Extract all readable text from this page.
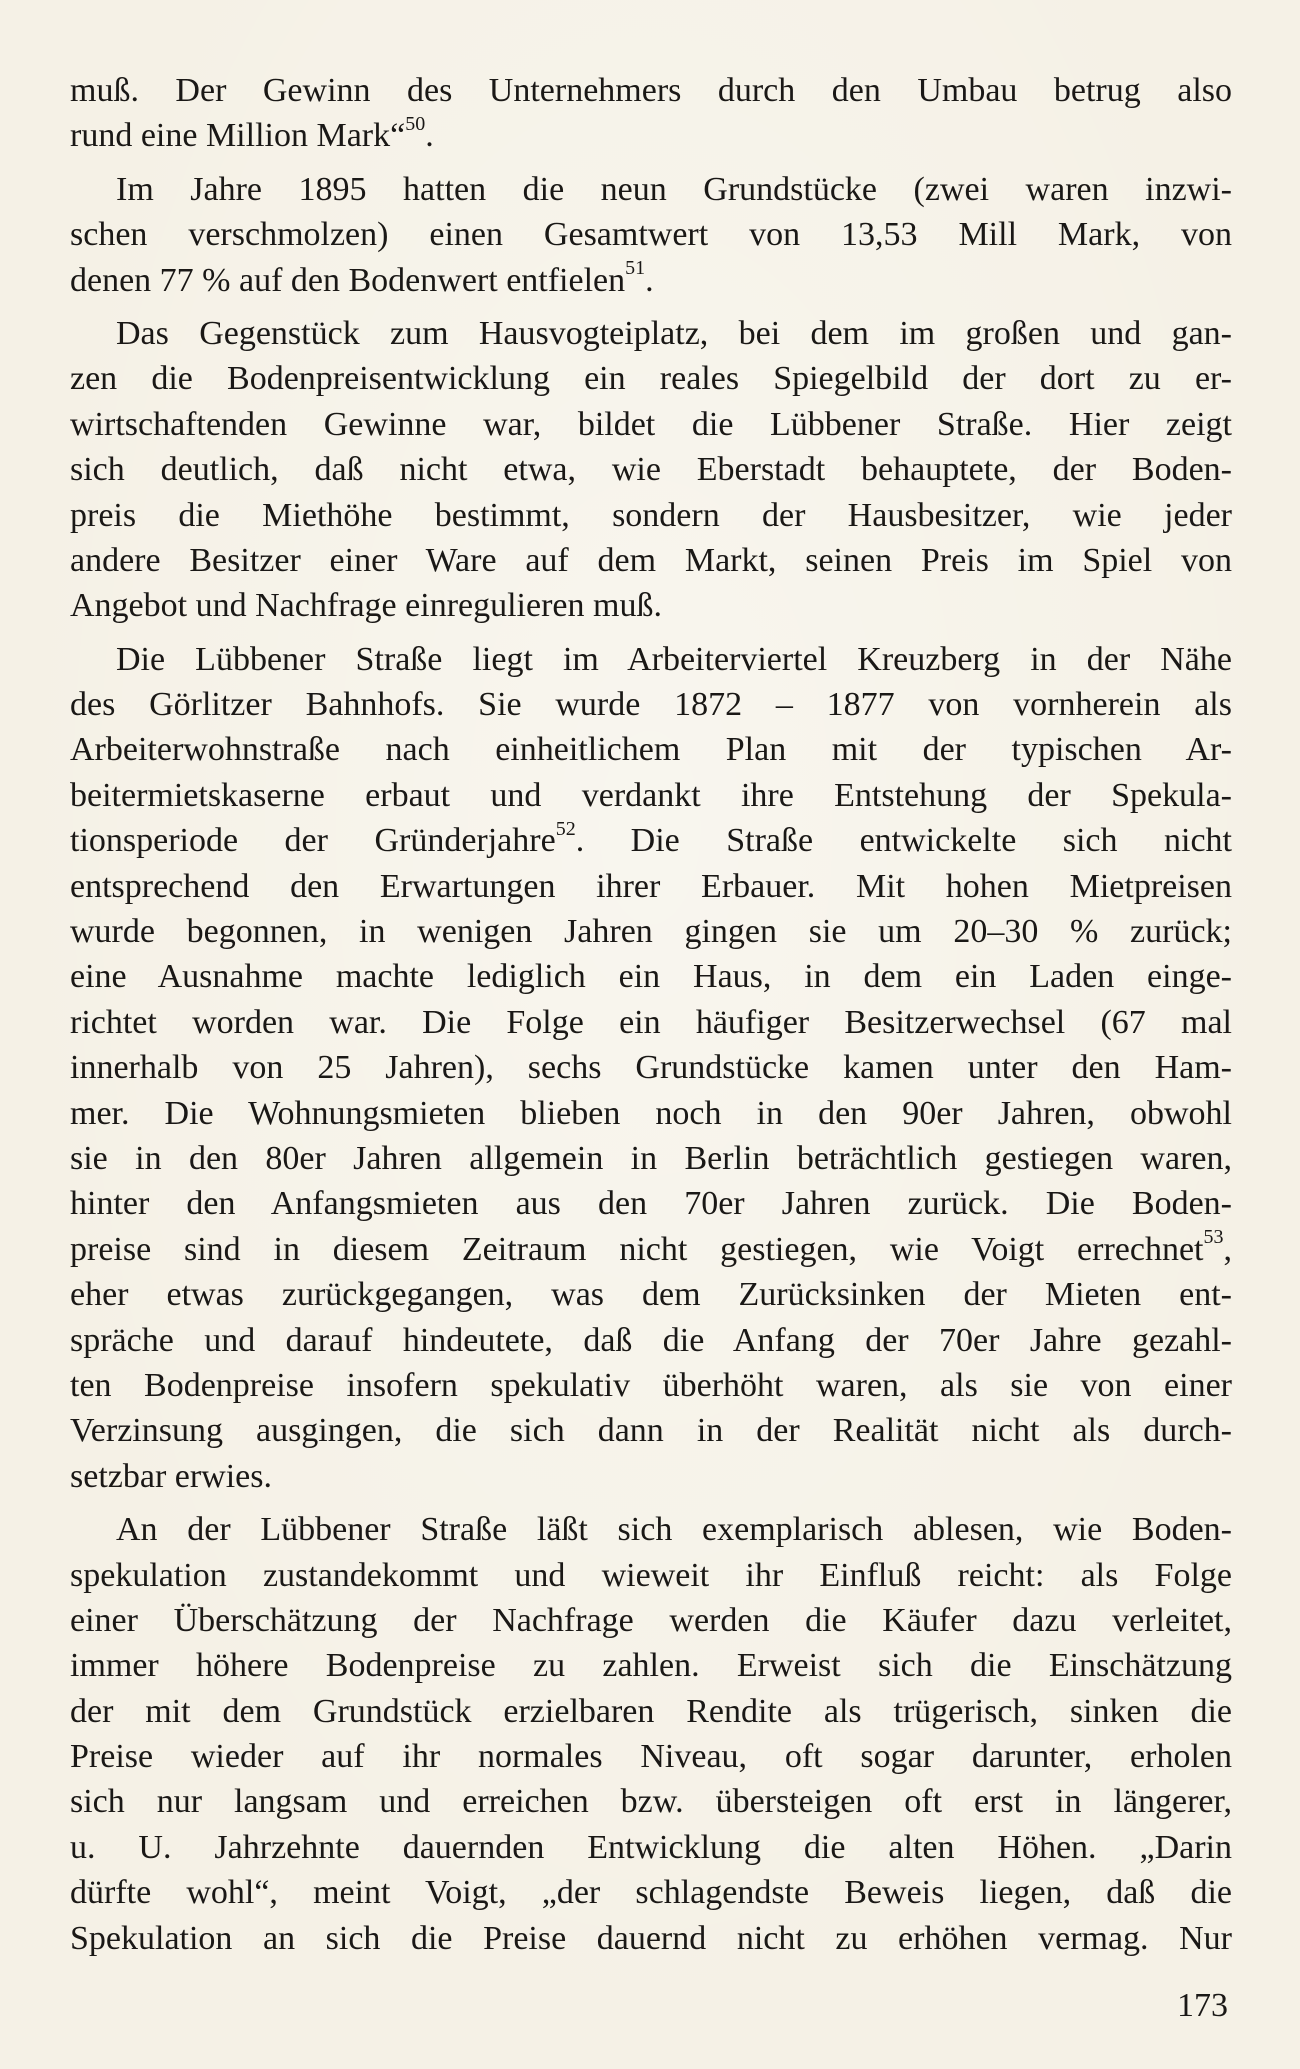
muß. Der Gewinn des Unternehmers durch den Umbau betrug also
rund eine Million Mark“$^{50}$.
Im Jahre 1895 hatten die neun Grundstücke (zwei waren inzwi-
schen verschmolzen) einen Gesamtwert von 13,53 Mill Mark, von
denen 77 % auf den Bodenwert entfielen$^{51}$.
Das Gegenstück zum Hausvogteiplatz, bei dem im großen und gan-
zen die Bodenpreisentwicklung ein reales Spiegelbild der dort zu er-
wirtschaftenden Gewinne war, bildet die Lübbener Straße. Hier zeigt
sich deutlich, daß nicht etwa, wie Eberstadt behauptete, der Boden-
preis die Miethöhe bestimmt, sondern der Hausbesitzer, wie jeder
andere Besitzer einer Ware auf dem Markt, seinen Preis im Spiel von
Angebot und Nachfrage einregulieren muß.
Die Lübbener Straße liegt im Arbeiterviertel Kreuzberg in der Nähe
des Görlitzer Bahnhofs. Sie wurde 1872 – 1877 von vornherein als
Arbeiterwohnstraße nach einheitlichem Plan mit der typischen Ar-
beitermietskaserne erbaut und verdankt ihre Entstehung der Spekula-
tionsperiode der Gründerjahre$^{52}$. Die Straße entwickelte sich nicht
entsprechend den Erwartungen ihrer Erbauer. Mit hohen Mietpreisen
wurde begonnen, in wenigen Jahren gingen sie um 20–30 % zurück;
eine Ausnahme machte lediglich ein Haus, in dem ein Laden einge-
richtet worden war. Die Folge ein häufiger Besitzerwechsel (67 mal
innerhalb von 25 Jahren), sechs Grundstücke kamen unter den Ham-
mer. Die Wohnungsmieten blieben noch in den 90er Jahren, obwohl
sie in den 80er Jahren allgemein in Berlin beträchtlich gestiegen waren,
hinter den Anfangsmieten aus den 70er Jahren zurück. Die Boden-
preise sind in diesem Zeitraum nicht gestiegen, wie Voigt errechnet$^{53}$,
eher etwas zurückgegangen, was dem Zurücksinken der Mieten ent-
spräche und darauf hindeutete, daß die Anfang der 70er Jahre gezahl-
ten Bodenpreise insofern spekulativ überhöht waren, als sie von einer
Verzinsung ausgingen, die sich dann in der Realität nicht als durch-
setzbar erwies.
An der Lübbener Straße läßt sich exemplarisch ablesen, wie Boden-
spekulation zustandekommt und wieweit ihr Einfluß reicht: als Folge
einer Überschätzung der Nachfrage werden die Käufer dazu verleitet,
immer höhere Bodenpreise zu zahlen. Erweist sich die Einschätzung
der mit dem Grundstück erzielbaren Rendite als trügerisch, sinken die
Preise wieder auf ihr normales Niveau, oft sogar darunter, erholen
sich nur langsam und erreichen bzw. übersteigen oft erst in längerer,
u. U. Jahrzehnte dauernden Entwicklung die alten Höhen. „Darin
dürfte wohl“, meint Voigt, „der schlagendste Beweis liegen, daß die
Spekulation an sich die Preise dauernd nicht zu erhöhen vermag. Nur
173
